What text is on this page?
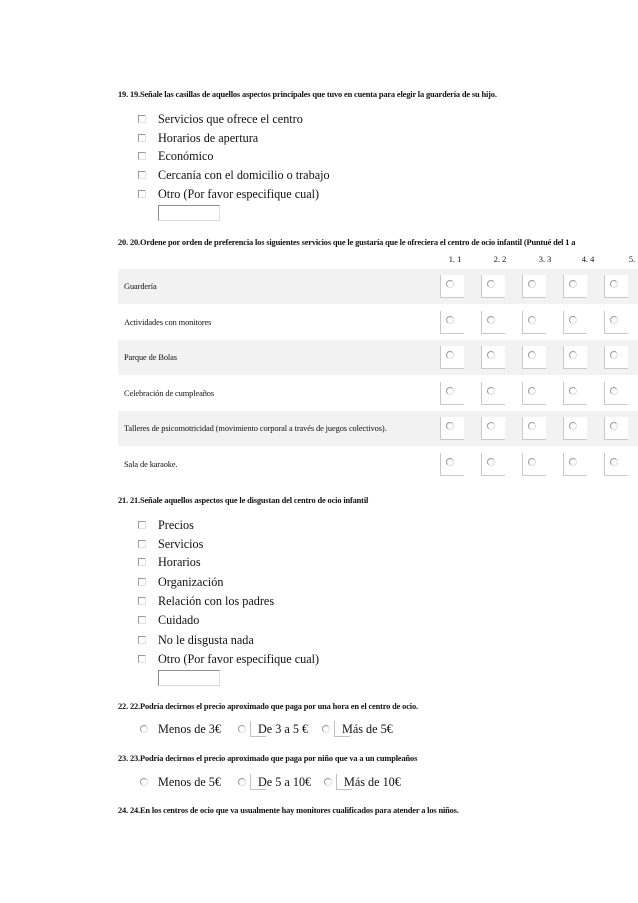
19. 19.Señale las casillas de aquellos aspectos principales que tuvo en cuenta para elegir la guardería de su hijo.
Servicios que ofrece el centro
Horarios de apertura
Económico
Cercanía con el domicilio o trabajo
Otro (Por favor especifique cual)
20. 20.Ordene por orden de preferencia los siguientes servicios que le gustaría que le ofreciera el centro de ocio infantil (Puntué del 1 a
1. 1	2. 2	3. 3	4. 4	5.
Guardería
Actividades con monitores
Parque de Bolas
Celebración de cumpleaños
Talleres de psicomotricidad (movimiento corporal a través de juegos colectivos).
Sala de karaoke.
21. 21.Señale aquellos aspectos que le disgustan del centro de ocio infantil
Precios
Servicios
Horarios
Organización
Relación con los padres
Cuidado
No le disgusta nada
Otro (Por favor especifique cual)
22. 22.Podría decirnos el precio aproximado que paga por una hora en el centro de ocio.
Menos de 3€	De 3 a 5 €	Más de 5€
23. 23.Podría decirnos el precio aproximado que paga por niño que va a un cumpleaños
Menos de 5€	De 5 a 10€	Más de 10€
24. 24.En los centros de ocio que va usualmente hay monitores cualificados para atender a los niños.
